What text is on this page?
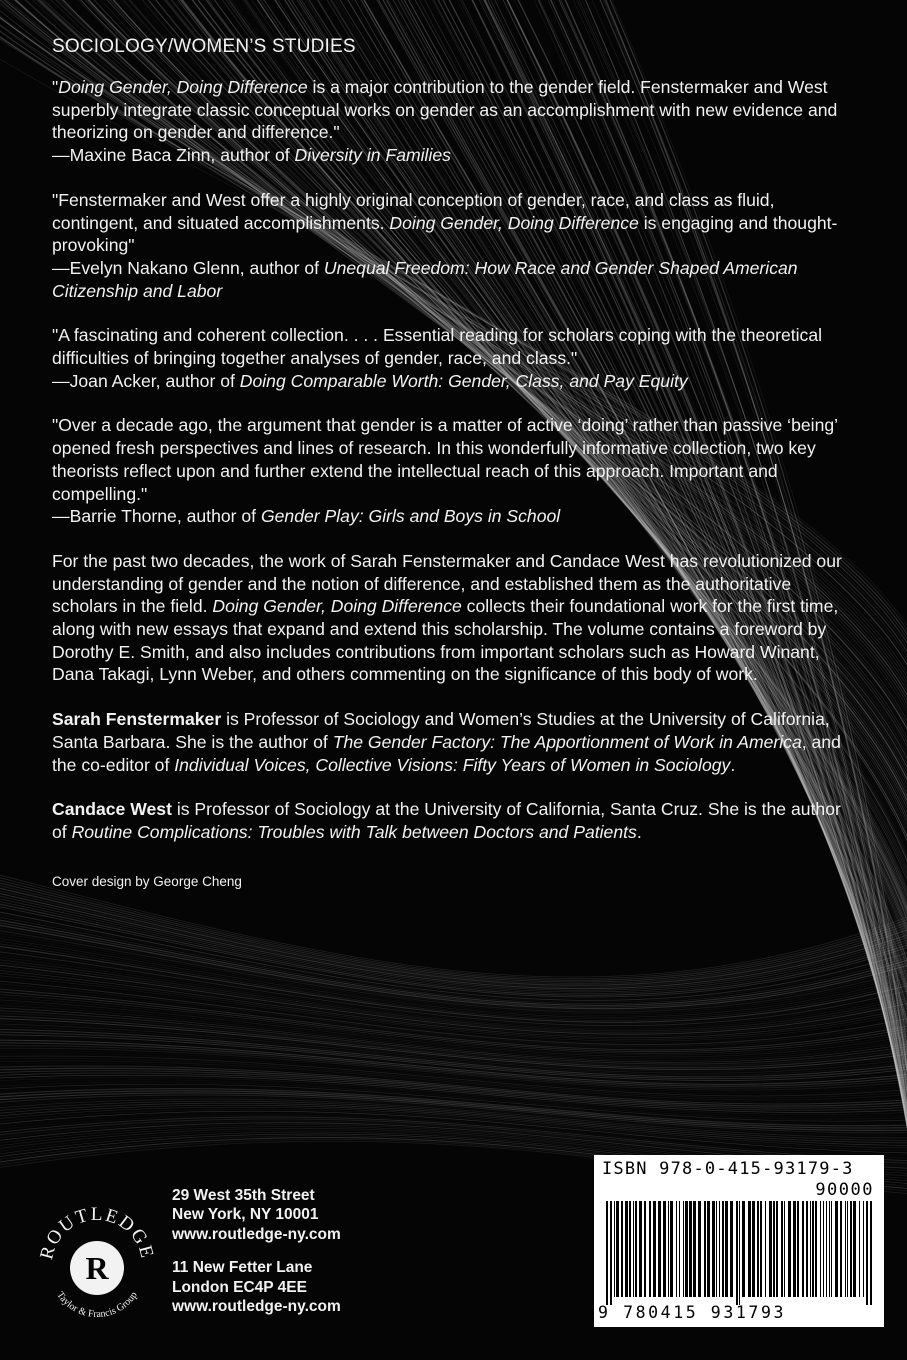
SOCIOLOGY/WOMEN’S STUDIES

"Doing Gender, Doing Difference is a major contribution to the gender field. Fenstermaker and West superbly integrate classic conceptual works on gender as an accomplishment with new evidence and theorizing on gender and difference."

—Maxine Baca Zinn, author of Diversity in Families

"Fenstermaker and West offer a highly original conception of gender, race, and class as fluid, contingent, and situated accomplishments. Doing Gender, Doing Difference is engaging and thought-provoking"

—Evelyn Nakano Glenn, author of Unequal Freedom: How Race and Gender Shaped American Citizenship and Labor

"A fascinating and coherent collection. . . . Essential reading for scholars coping with the theoretical difficulties of bringing together analyses of gender, race, and class."

—Joan Acker, author of Doing Comparable Worth: Gender, Class, and Pay Equity

"Over a decade ago, the argument that gender is a matter of active ‘doing’ rather than passive ‘being’ opened fresh perspectives and lines of research. In this wonderfully informative collection, two key theorists reflect upon and further extend the intellectual reach of this approach. Important and compelling."

—Barrie Thorne, author of Gender Play: Girls and Boys in School

For the past two decades, the work of Sarah Fenstermaker and Candace West has revolutionized our understanding of gender and the notion of difference, and established them as the authoritative scholars in the field. Doing Gender, Doing Difference collects their foundational work for the first time, along with new essays that expand and extend this scholarship. The volume contains a foreword by Dorothy E. Smith, and also includes contributions from important scholars such as Howard Winant, Dana Takagi, Lynn Weber, and others commenting on the significance of this body of work.
Sarah Fenstermaker is Professor of Sociology and Women’s Studies at the University of California, Santa Barbara. She is the author of The Gender Factory: The Apportionment of Work in America, and the co-editor of Individual Voices, Collective Visions: Fifty Years of Women in Sociology.
Candace West is Professor of Sociology at the University of California, Santa Cruz. She is the author of Routine Complications: Troubles with Talk between Doctors and Patients.
Cover design by George Cheng
ROUTLEDGE
Taylor & Francis Group
R
29 West 35th Street
New York, NY 10001
www.routledge-ny.com
11 New Fetter Lane
London EC4P 4EE
www.routledge-ny.com
ISBN 978-0-415-93179-3
90000
9 780415 931793
